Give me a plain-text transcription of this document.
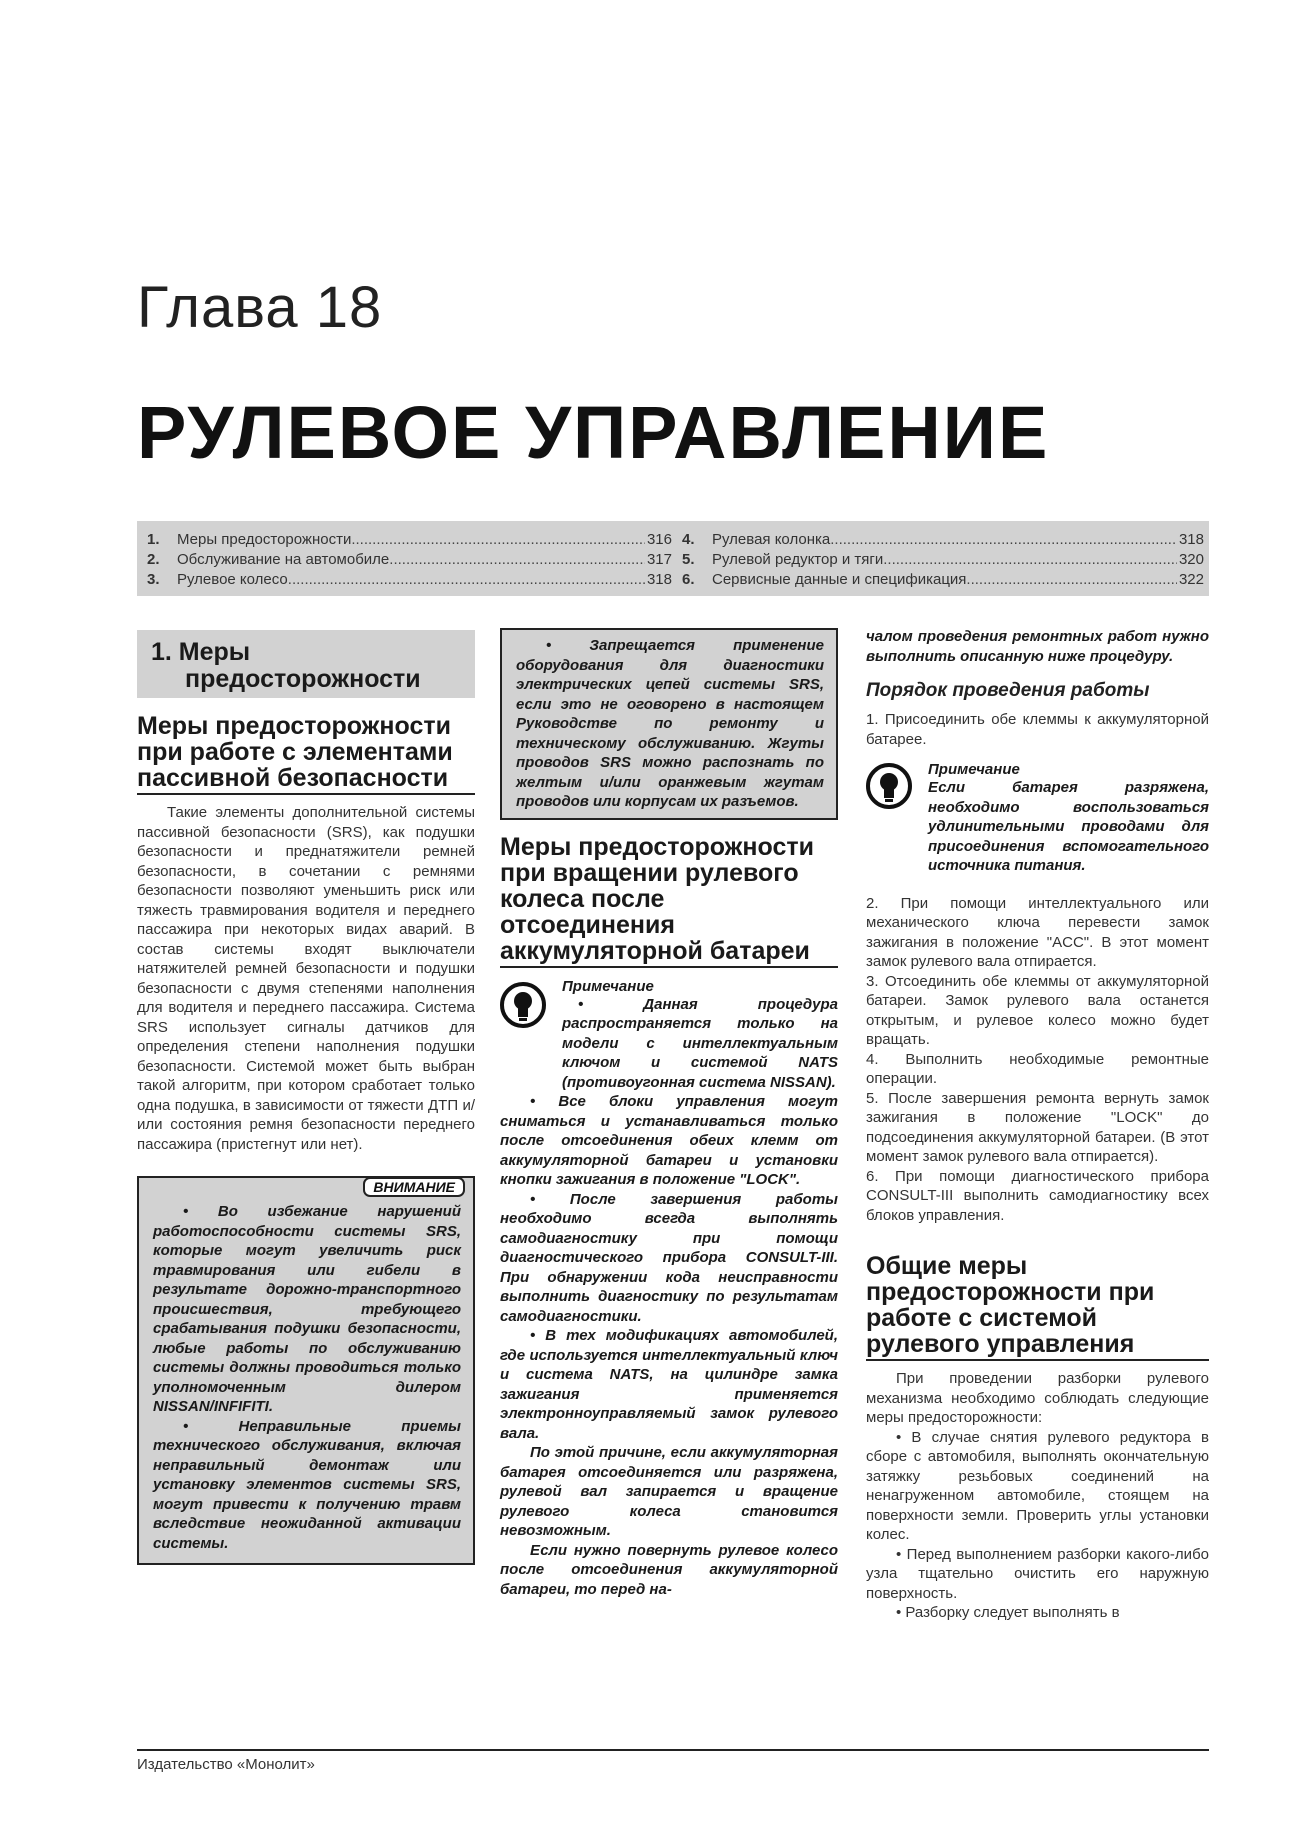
Глава 18
РУЛЕВОЕ УПРАВЛЕНИЕ
1.	Меры предосторожности .....	316
2.	Обслуживание на автомобиле .....	317
3.	Рулевое колесо .....	318
4.	Рулевая колонка .....	318
5.	Рулевой редуктор и тяги .....	320
6.	Сервисные данные и спецификация .....	322
1. Меры
предосторожности
Меры предосторожности при работе с элементами пассивной безопасности

Такие элементы дополнительной системы пассивной безопасности (SRS), как подушки безопасности и преднатяжители ремней безопасности, в сочетании с ремнями безопасности позволяют уменьшить риск или тяжесть травмирования водителя и переднего пассажира при некоторых видах аварий. В состав системы входят выключатели натяжителей ремней безопасности и подушки безопасности с двумя степенями наполнения для водителя и переднего пассажира. Система SRS использует сигналы датчиков для определения степени наполнения подушки безопасности. Системой может быть выбран такой алгоритм, при котором сработает только одна подушка, в зависимости от тяжести ДТП и/или состояния ремня безопасности переднего пассажира (пристегнут или нет).

ВНИМАНИЕ

• Во избежание нарушений работоспособности системы SRS, которые могут увеличить риск травмирования или гибели в результате дорожно-транспортного происшествия, требующего срабатывания подушки безопасности, любые работы по обслуживанию системы должны проводиться только уполномоченным дилером NISSAN/INFIFITI.

• Неправильные приемы технического обслуживания, включая неправильный демонтаж или установку элементов системы SRS, могут привести к получению травм вследствие неожиданной активации системы.

• Запрещается применение оборудования для диагностики электрических цепей системы SRS, если это не оговорено в настоящем Руководстве по ремонту и техническому обслуживанию. Жгуты проводов SRS можно распознать по желтым и/или оранжевым жгутам проводов или корпусам их разъемов.

Меры предосторожности при вращении рулевого колеса после отсоединения аккумуляторной батареи
Примечание

• Данная процедура распространяется только на модели с интеллектуальным ключом и системой NATS (противоугонная система NISSAN).

• Все блоки управления могут сниматься и устанавливаться только после отсоединения обеих клемм от аккумуляторной батареи и установки кнопки зажигания в положение "LOCK".

• После завершения работы необходимо всегда выполнять самодиагностику при помощи диагностического прибора CONSULT-III. При обнаружении кода неисправности выполнить диагностику по результатам самодиагностики.

• В тех модификациях автомобилей, где используется интеллектуальный ключ и система NATS, на цилиндре замка зажигания применяется электронноуправляемый замок рулевого вала.

По этой причине, если аккумуляторная батарея отсоединяется или разряжена, рулевой вал запирается и вращение рулевого колеса становится невозможным.

Если нужно повернуть рулевое колесо после отсоединения аккумуляторной батареи, то перед на-

чалом проведения ремонтных работ нужно выполнить описанную ниже процедуру.

Порядок проведения работы

1. Присоединить обе клеммы к аккумуляторной батарее.

Примечание

Если батарея разряжена, необходимо воспользоваться удлинительными проводами для присоединения вспомогательного источника питания.

2. При помощи интеллектуального или механического ключа перевести замок зажигания в положение "ACC". В этот момент замок рулевого вала отпирается.

3. Отсоединить обе клеммы от аккумуляторной батареи. Замок рулевого вала останется открытым, и рулевое колесо можно будет вращать.

4. Выполнить необходимые ремонтные операции.

5. После завершения ремонта вернуть замок зажигания в положение "LOCK" до подсоединения аккумуляторной батареи. (В этот момент замок рулевого вала отпирается).

6. При помощи диагностического прибора CONSULT-III выполнить самодиагностику всех блоков управления.

Общие меры предосторожности при работе с системой рулевого управления

При проведении разборки рулевого механизма необходимо соблюдать следующие меры предосторожности:

• В случае снятия рулевого редуктора в сборе с автомобиля, выполнять окончательную затяжку резьбовых соединений на ненагруженном автомобиле, стоящем на поверхности земли. Проверить углы установки колес.

• Перед выполнением разборки какого-либо узла тщательно очистить его наружную поверхность.

• Разборку следует выполнять в

Издательство «Монолит»
